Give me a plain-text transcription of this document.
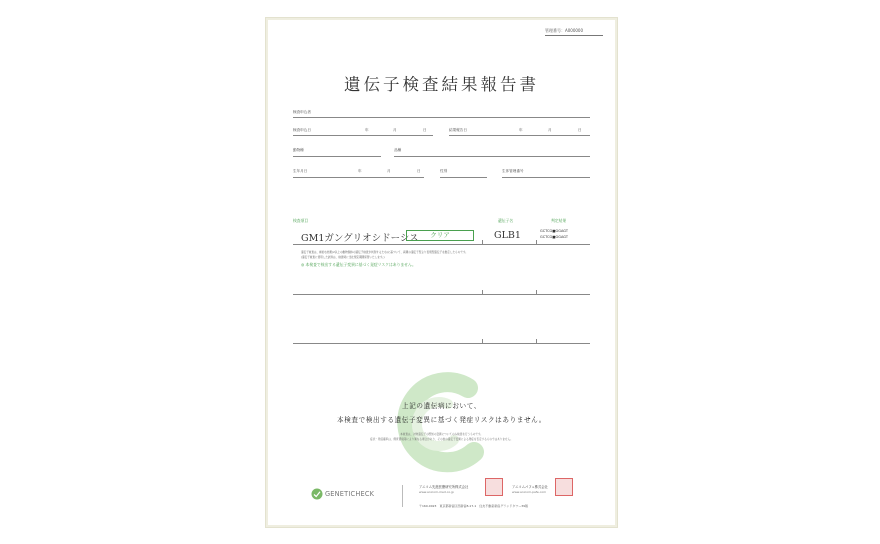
管理番号：A000000
遺伝子検査結果報告書
検査申込者
検査申込日	年	月	日	結果報告日	年	月	日
動物種	品種
生年月日	年	月	日	性別	生体管理番号
検査項目	遺伝子名	判定結果
GM1ガングリオシドーシス	クリア	GLB1	GCTCG■GGAGT
GCTCG■GGAGT
遺伝子検査は、劇的な結果(2以上の動物個体の遺伝子検査が判別するため)に基づいて、両親の遺伝子型より表現型遺伝子を推定したものです。
(遺伝子検査に使用した試料は、検査時に当社規定期間保管いたします。)
◎ 本検査で検出する遺伝子変異に基づく発症リスクはありません。
上記の遺伝病において、
本検査で検出する遺伝子変異に基づく発症リスクはありません。
本検査は、対象遺伝子の既知の変異についてのみ検査を行うものです。
症状・発症確率は、飼育環境等により異なる場合があり、その他の遺伝子変異による発症を否定するものではありません。
GENETICHECK
アニコム先進医療研究所株式会社
www.anicom-med.co.jp
アニコムパフェ株式会社
www.anicom-pafe.com
〒160-0023　東京都新宿区西新宿8-17-1　住友不動産新宿グランドタワー39階
